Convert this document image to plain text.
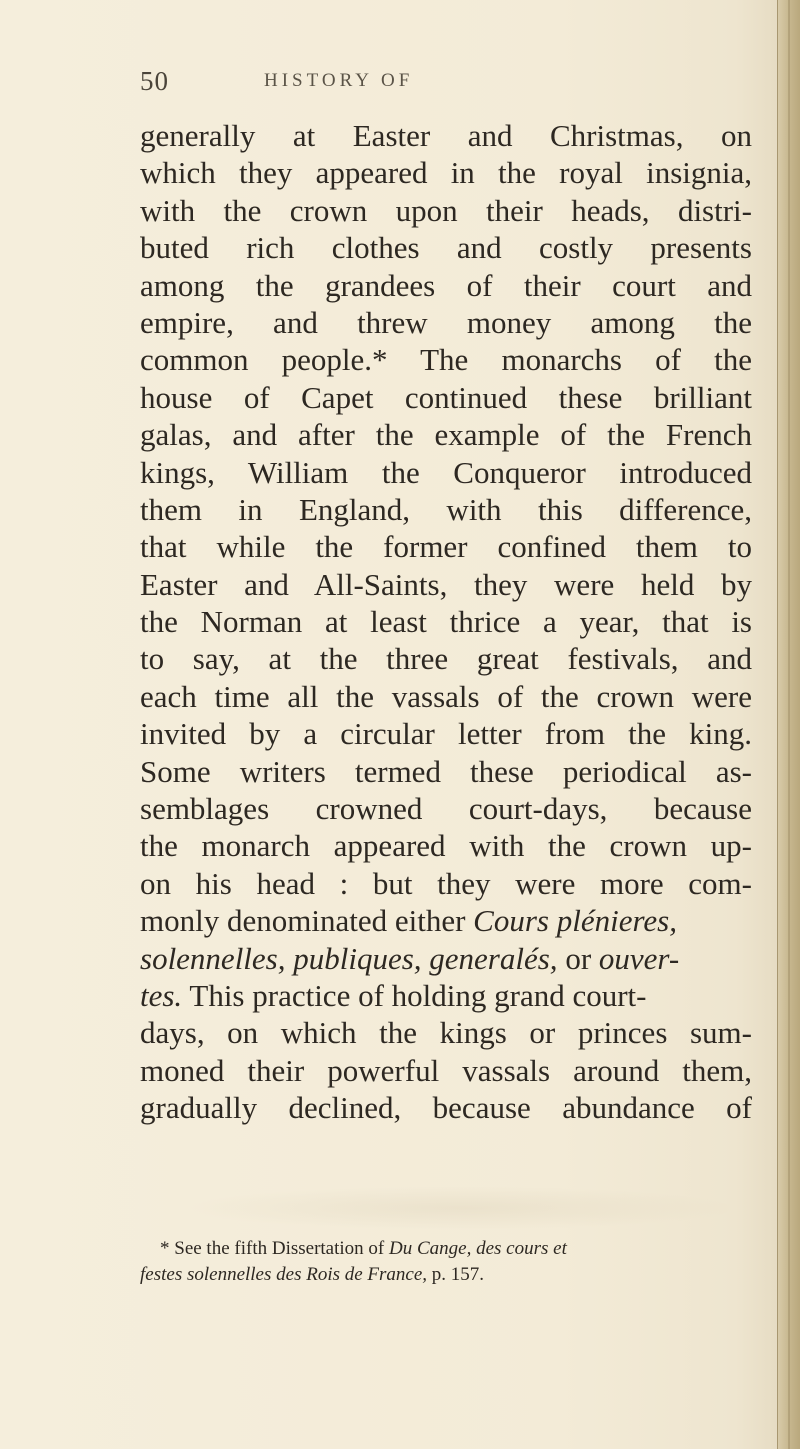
50	HISTORY OF
generally at Easter and Christmas, on
which they appeared in the royal insignia,
with the crown upon their heads, distri-
buted rich clothes and costly presents
among the grandees of their court and
empire, and threw money among the
common people.* The monarchs of the
house of Capet continued these brilliant
galas, and after the example of the French
kings, William the Conqueror introduced
them in England, with this difference,
that while the former confined them to
Easter and All-Saints, they were held by
the Norman at least thrice a year, that is
to say, at the three great festivals, and
each time all the vassals of the crown were
invited by a circular letter from the king.
Some writers termed these periodical as-
semblages crowned court-days, because
the monarch appeared with the crown up-
on his head : but they were more com-
monly denominated either Cours plénieres,
solennelles, publiques, generalés, or ouver-
tes. This practice of holding grand court-
days, on which the kings or princes sum-
moned their powerful vassals around them,
gradually declined, because abundance of
* See the fifth Dissertation of Du Cange, des cours et
festes solennelles des Rois de France, p. 157.
